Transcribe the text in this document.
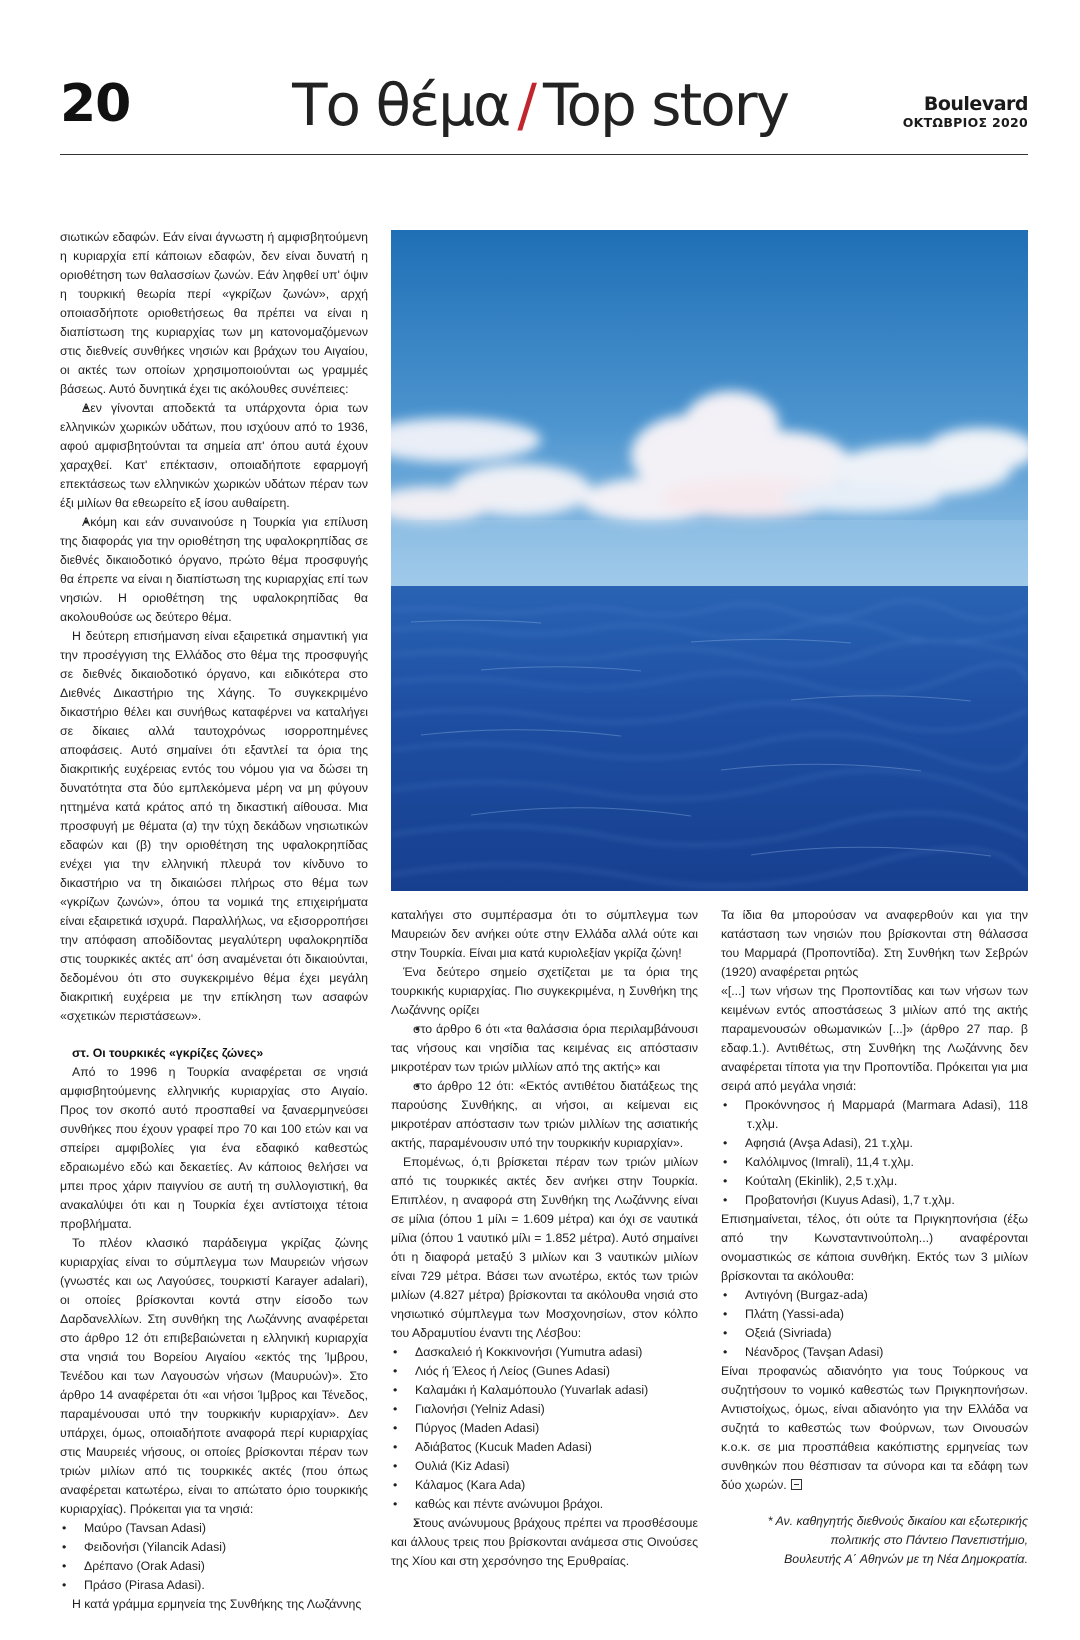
20	Το θέμα / Top story	Boulevard
ΟΚΤΩΒΡΙΟΣ 2020

σιωτικών εδαφών. Εάν είναι άγνωστη ή αμφισβητούμενη η κυριαρχία επί κάποιων εδαφών, δεν είναι δυνατή η οριοθέτηση των θαλασσίων ζωνών. Εάν ληφθεί υπ' όψιν η τουρκική θεωρία περί «γκρίζων ζωνών», αρχή οποιασδήποτε οριοθετήσεως θα πρέπει να είναι η διαπίστωση της κυριαρχίας των μη κατονομαζόμενων στις διεθνείς συνθήκες νησιών και βράχων του Αιγαίου, οι ακτές των οποίων χρησιμοποιούνται ως γραμμές βάσεως. Αυτό δυνητικά έχει τις ακόλουθες συνέπειες:

• Δεν γίνονται αποδεκτά τα υπάρχοντα όρια των ελληνικών χωρικών υδάτων, που ισχύουν από το 1936, αφού αμφισβητούνται τα σημεία απ' όπου αυτά έχουν χαραχθεί. Κατ' επέκτασιν, οποιαδήποτε εφαρμογή επεκτάσεως των ελληνικών χωρικών υδάτων πέραν των έξι μιλίων θα εθεωρείτο εξ ίσου αυθαίρετη.
• Ακόμη και εάν συναινούσε η Τουρκία για επίλυση της διαφοράς για την οριοθέτηση της υφαλοκρηπίδας σε διεθνές δικαιοδοτικό όργανο, πρώτο θέμα προσφυγής θα έπρεπε να είναι η διαπίστωση της κυριαρχίας επί των νησιών. Η οριοθέτηση της υφαλοκρηπίδας θα ακολουθούσε ως δεύτερο θέμα.

Η δεύτερη επισήμανση είναι εξαιρετικά σημαντική για την προσέγγιση της Ελλάδος στο θέμα της προσφυγής σε διεθνές δικαιοδοτικό όργανο, και ειδικότερα στο Διεθνές Δικαστήριο της Χάγης. Το συγκεκριμένο δικαστήριο θέλει και συνήθως καταφέρνει να καταλήγει σε δίκαιες αλλά ταυτοχρόνως ισορροπημένες αποφάσεις. Αυτό σημαίνει ότι εξαντλεί τα όρια της διακριτικής ευχέρειας εντός του νόμου για να δώσει τη δυνατότητα στα δύο εμπλεκόμενα μέρη να μη φύγουν ηττημένα κατά κράτος από τη δικαστική αίθουσα. Μια προσφυγή με θέματα (α) την τύχη δεκάδων νησιωτικών εδαφών και (β) την οριοθέτηση της υφαλοκρηπίδας ενέχει για την ελληνική πλευρά τον κίνδυνο το δικαστήριο να τη δικαιώσει πλήρως στο θέμα των «γκρίζων ζωνών», όπου τα νομικά της επιχειρήματα είναι εξαιρετικά ισχυρά. Παραλλήλως, να εξισορροπήσει την απόφαση αποδίδοντας μεγαλύτερη υφαλοκρηπίδα στις τουρκικές ακτές απ' όση αναμένεται ότι δικαιούνται, δεδομένου ότι στο συγκεκριμένο θέμα έχει μεγάλη διακριτική ευχέρεια με την επίκληση των ασαφών «σχετικών περιστάσεων».

στ. Οι τουρκικές «γκρίζες ζώνες»

Από το 1996 η Τουρκία αναφέρεται σε νησιά αμφισβητούμενης ελληνικής κυριαρχίας στο Αιγαίο. Προς τον σκοπό αυτό προσπαθεί να ξαναερμηνεύσει συνθήκες που έχουν γραφεί προ 70 και 100 ετών και να σπείρει αμφιβολίες για ένα εδαφικό καθεστώς εδραιωμένο εδώ και δεκαετίες. Αν κάποιος θελήσει να μπει προς χάριν παιγνίου σε αυτή τη συλλογιστική, θα ανακαλύψει ότι και η Τουρκία έχει αντίστοιχα τέτοια προβλήματα.

Το πλέον κλασικό παράδειγμα γκρίζας ζώνης κυριαρχίας είναι το σύμπλεγμα των Μαυρειών νήσων (γνωστές και ως Λαγούσες, τουρκιστί Karayer adalari), οι οποίες βρίσκονται κοντά στην είσοδο των Δαρδανελλίων. Στη συνθήκη της Λωζάννης αναφέρεται στο άρθρο 12 ότι επιβεβαιώνεται η ελληνική κυριαρχία στα νησιά του Βορείου Αιγαίου «εκτός της Ίμβρου, Τενέδου και των Λαγουσών νήσων (Μαυρυών)». Στο άρθρο 14 αναφέρεται ότι «αι νήσοι Ίμβρος και Τένεδος, παραμένουσαι υπό την τουρκικήν κυριαρχίαν». Δεν υπάρχει, όμως, οποιαδήποτε αναφορά περί κυριαρχίας στις Μαυρειές νήσους, οι οποίες βρίσκονται πέραν των τριών μιλίων από τις τουρκικές ακτές (που όπως αναφέρεται κατωτέρω, είναι το απώτατο όριο τουρκικής κυριαρχίας). Πρόκειται για τα νησιά:

• Μαύρο (Tavsan Adasi)
• Φειδονήσι (Yilancik Adasi)
• Δρέπανο (Orak Adasi)
• Πράσο (Pirasa Adasi).

Η κατά γράμμα ερμηνεία της Συνθήκης της Λωζάννης

καταλήγει στο συμπέρασμα ότι το σύμπλεγμα των Μαυρειών δεν ανήκει ούτε στην Ελλάδα αλλά ούτε και στην Τουρκία. Είναι μια κατά κυριολεξίαν γκρίζα ζώνη!

Ένα δεύτερο σημείο σχετίζεται με τα όρια της τουρκικής κυριαρχίας. Πιο συγκεκριμένα, η Συνθήκη της Λωζάννης ορίζει

• στο άρθρο 6 ότι «τα θαλάσσια όρια περιλαμβάνουσι τας νήσους και νησίδια τας κειμένας εις απόστασιν μικροτέραν των τριών μιλλίων από της ακτής» και
• στο άρθρο 12 ότι: «Εκτός αντιθέτου διατάξεως της παρούσης Συνθήκης, αι νήσοι, αι κείμεναι εις μικροτέραν απόστασιν των τριών μιλλίων της ασιατικής ακτής, παραμένουσιν υπό την τουρκικήν κυριαρχίαν».

Επομένως, ό,τι βρίσκεται πέραν των τριών μιλίων από τις τουρκικές ακτές δεν ανήκει στην Τουρκία. Επιπλέον, η αναφορά στη Συνθήκη της Λωζάννης είναι σε μίλια (όπου 1 μίλι = 1.609 μέτρα) και όχι σε ναυτικά μίλια (όπου 1 ναυτικό μίλι = 1.852 μέτρα). Αυτό σημαίνει ότι η διαφορά μεταξύ 3 μιλίων και 3 ναυτικών μιλίων είναι 729 μέτρα. Βάσει των ανωτέρω, εκτός των τριών μιλίων (4.827 μέτρα) βρίσκονται τα ακόλουθα νησιά στο νησιωτικό σύμπλεγμα των Μοσχονησίων, στον κόλπο του Αδραμυτίου έναντι της Λέσβου:

• Δασκαλειό ή Κοκκινονήσι (Yumutra adasi)
• Λιός ή Έλεος ή Λείος (Gunes Adasi)
• Καλαμάκι ή Καλαμόπουλο (Yuvarlak adasi)
• Γιαλονήσι (Yelniz Adasi)
• Πύργος (Maden Adasi)
• Αδιάβατος (Kucuk Maden Adasi)
• Ουλιά (Kiz Adasi)
• Κάλαμος (Kara Ada)
• καθώς και πέντε ανώνυμοι βράχοι.
• Στους ανώνυμους βράχους πρέπει να προσθέσουμε και άλλους τρεις που βρίσκονται ανάμεσα στις Οινούσες της Χίου και στη χερσόνησο της Ερυθραίας.

Τα ίδια θα μπορούσαν να αναφερθούν και για την κατάσταση των νησιών που βρίσκονται στη θάλασσα του Μαρμαρά (Προποντίδα). Στη Συνθήκη των Σεβρών (1920) αναφέρεται ρητώς

«[...] των νήσων της Προποντίδας και των νήσων των κειμένων εντός αποστάσεως 3 μιλίων από της ακτής παραμενουσών οθωμανικών [...]» (άρθρο 27 παρ. β εδαφ.1.). Αντιθέτως, στη Συνθήκη της Λωζάννης δεν αναφέρεται τίποτα για την Προποντίδα. Πρόκειται για μια σειρά από μεγάλα νησιά:

• Προκόννησος ή Μαρμαρά (Marmara Adasi), 118 τ.χλμ.
• Αφησιά (Avşa Adasi), 21 τ.χλμ.
• Καλόλιμνος (Imrali), 11,4 τ.χλμ.
• Κούταλη (Ekinlik), 2,5 τ.χλμ.
• Προβατονήσι (Kuyus Adasi), 1,7 τ.χλμ.

Επισημαίνεται, τέλος, ότι ούτε τα Πριγκηπονήσια (έξω από την Κωνσταντινούπολη...) αναφέρονται ονομαστικώς σε κάποια συνθήκη. Εκτός των 3 μιλίων βρίσκονται τα ακόλουθα:

• Αντιγόνη (Burgaz-ada)
• Πλάτη (Yassi-ada)
• Οξειά (Sivriada)
• Νέανδρος (Tavşan Adasi)

Είναι προφανώς αδιανόητο για τους Τούρκους να συζητήσουν το νομικό καθεστώς των Πριγκηπονήσων. Αντιστοίχως, όμως, είναι αδιανόητο για την Ελλάδα να συζητά το καθεστώς των Φούρνων, των Οινουσών κ.ο.κ. σε μια προσπάθεια κακόπιστης ερμηνείας των συνθηκών που θέσπισαν τα σύνορα και τα εδάφη των δύο χωρών.

* Αν. καθηγητής διεθνούς δικαίου και εξωτερικής
πολιτικής στο Πάντειο Πανεπιστήμιο,
Βουλευτής Α΄ Αθηνών με τη Νέα Δημοκρατία.
